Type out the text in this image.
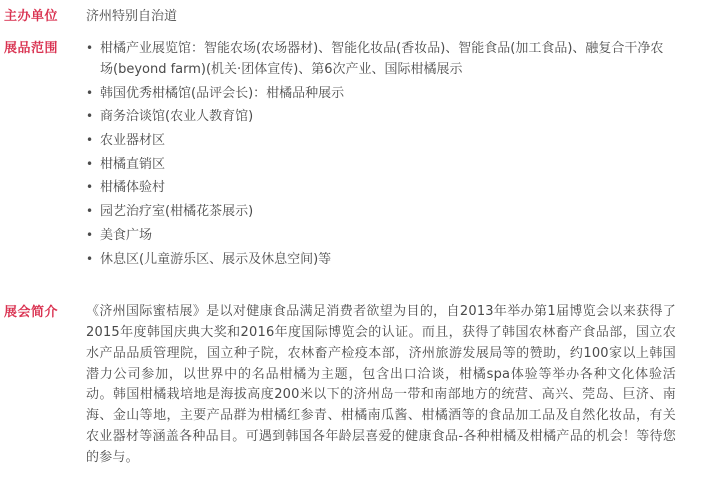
主办单位	济州特别自治道
展品范围
•	柑橘产业展览馆：智能农场(农场器材)、智能化妆品(香妆品)、智能食品(加工食品)、融复合干净农场(beyond farm)(机关·团体宣传)、第6次产业、国际柑橘展示
• 韩国优秀柑橘馆(品评会长)：柑橘品种展示
• 商务洽谈馆(农业人教育馆)
• 农业器材区
• 柑橘直销区
• 柑橘体验村
• 园艺治疗室(柑橘花茶展示)
• 美食广场
• 休息区(儿童游乐区、展示及休息空间)等
展会简介	《济州国际蜜桔展》是以对健康食品满足消费者欲望为目的，自2013年举办第1届博览会以来获得了2015年度韩国庆典大奖和2016年度国际博览会的认证。而且，获得了韩国农林畜产食品部，国立农水产品品质管理院，国立种子院，农林畜产检疫本部，济州旅游发展局等的赞助，约100家以上韩国潜力公司参加，以世界中的名品柑橘为主题，包含出口洽谈，柑橘spa体验等举办各种文化体验活动。韩国柑橘栽培地是海拔高度200米以下的济州岛一带和南部地方的统营、高兴、莞岛、巨济、南海、金山等地，主要产品群为柑橘红参青、柑橘南瓜酱、柑橘酒等的食品加工品及自然化妆品，有关农业器材等涵盖各种品目。可遇到韩国各年龄层喜爱的健康食品-各种柑橘及柑橘产品的机会！等待您的参与。
